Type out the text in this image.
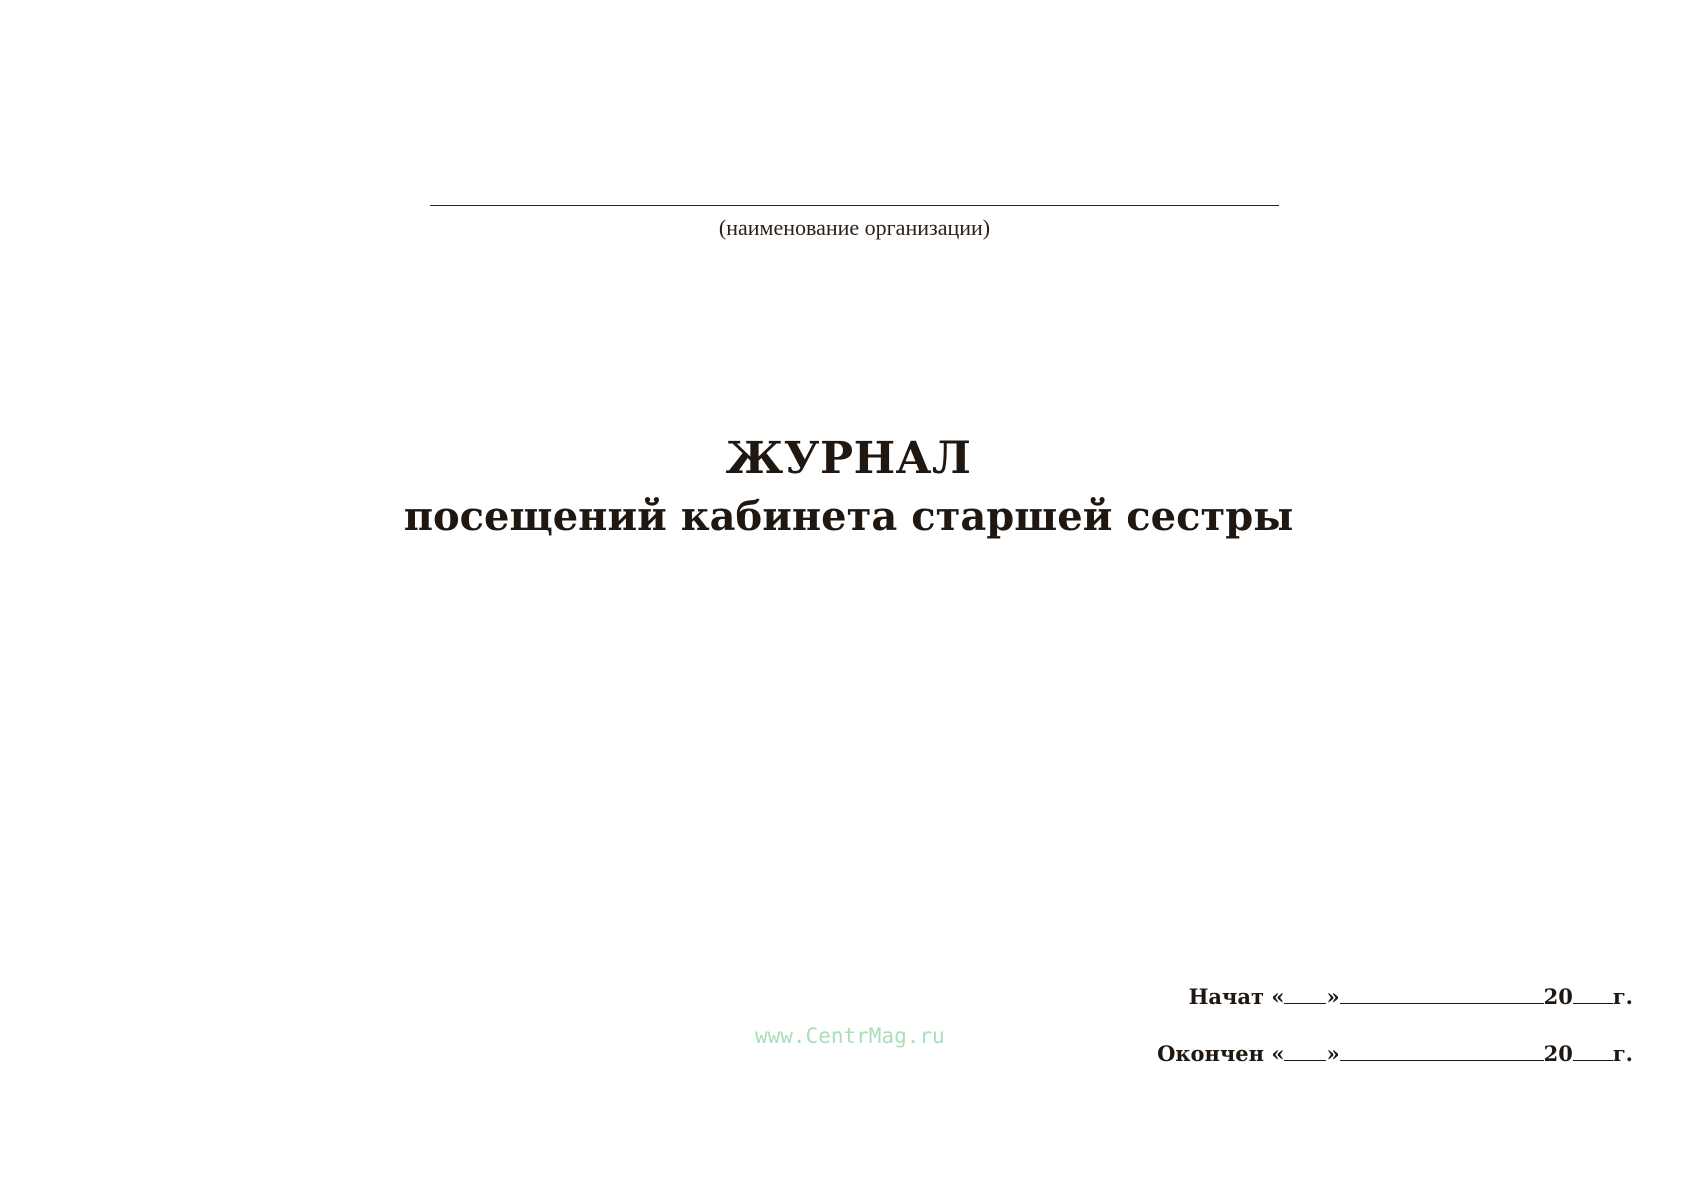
(наименование организации)
ЖУРНАЛ
посещений кабинета старшей сестры
www.CentrMag.ru
Начат « »	20 г.
Окончен « »	20 г.
